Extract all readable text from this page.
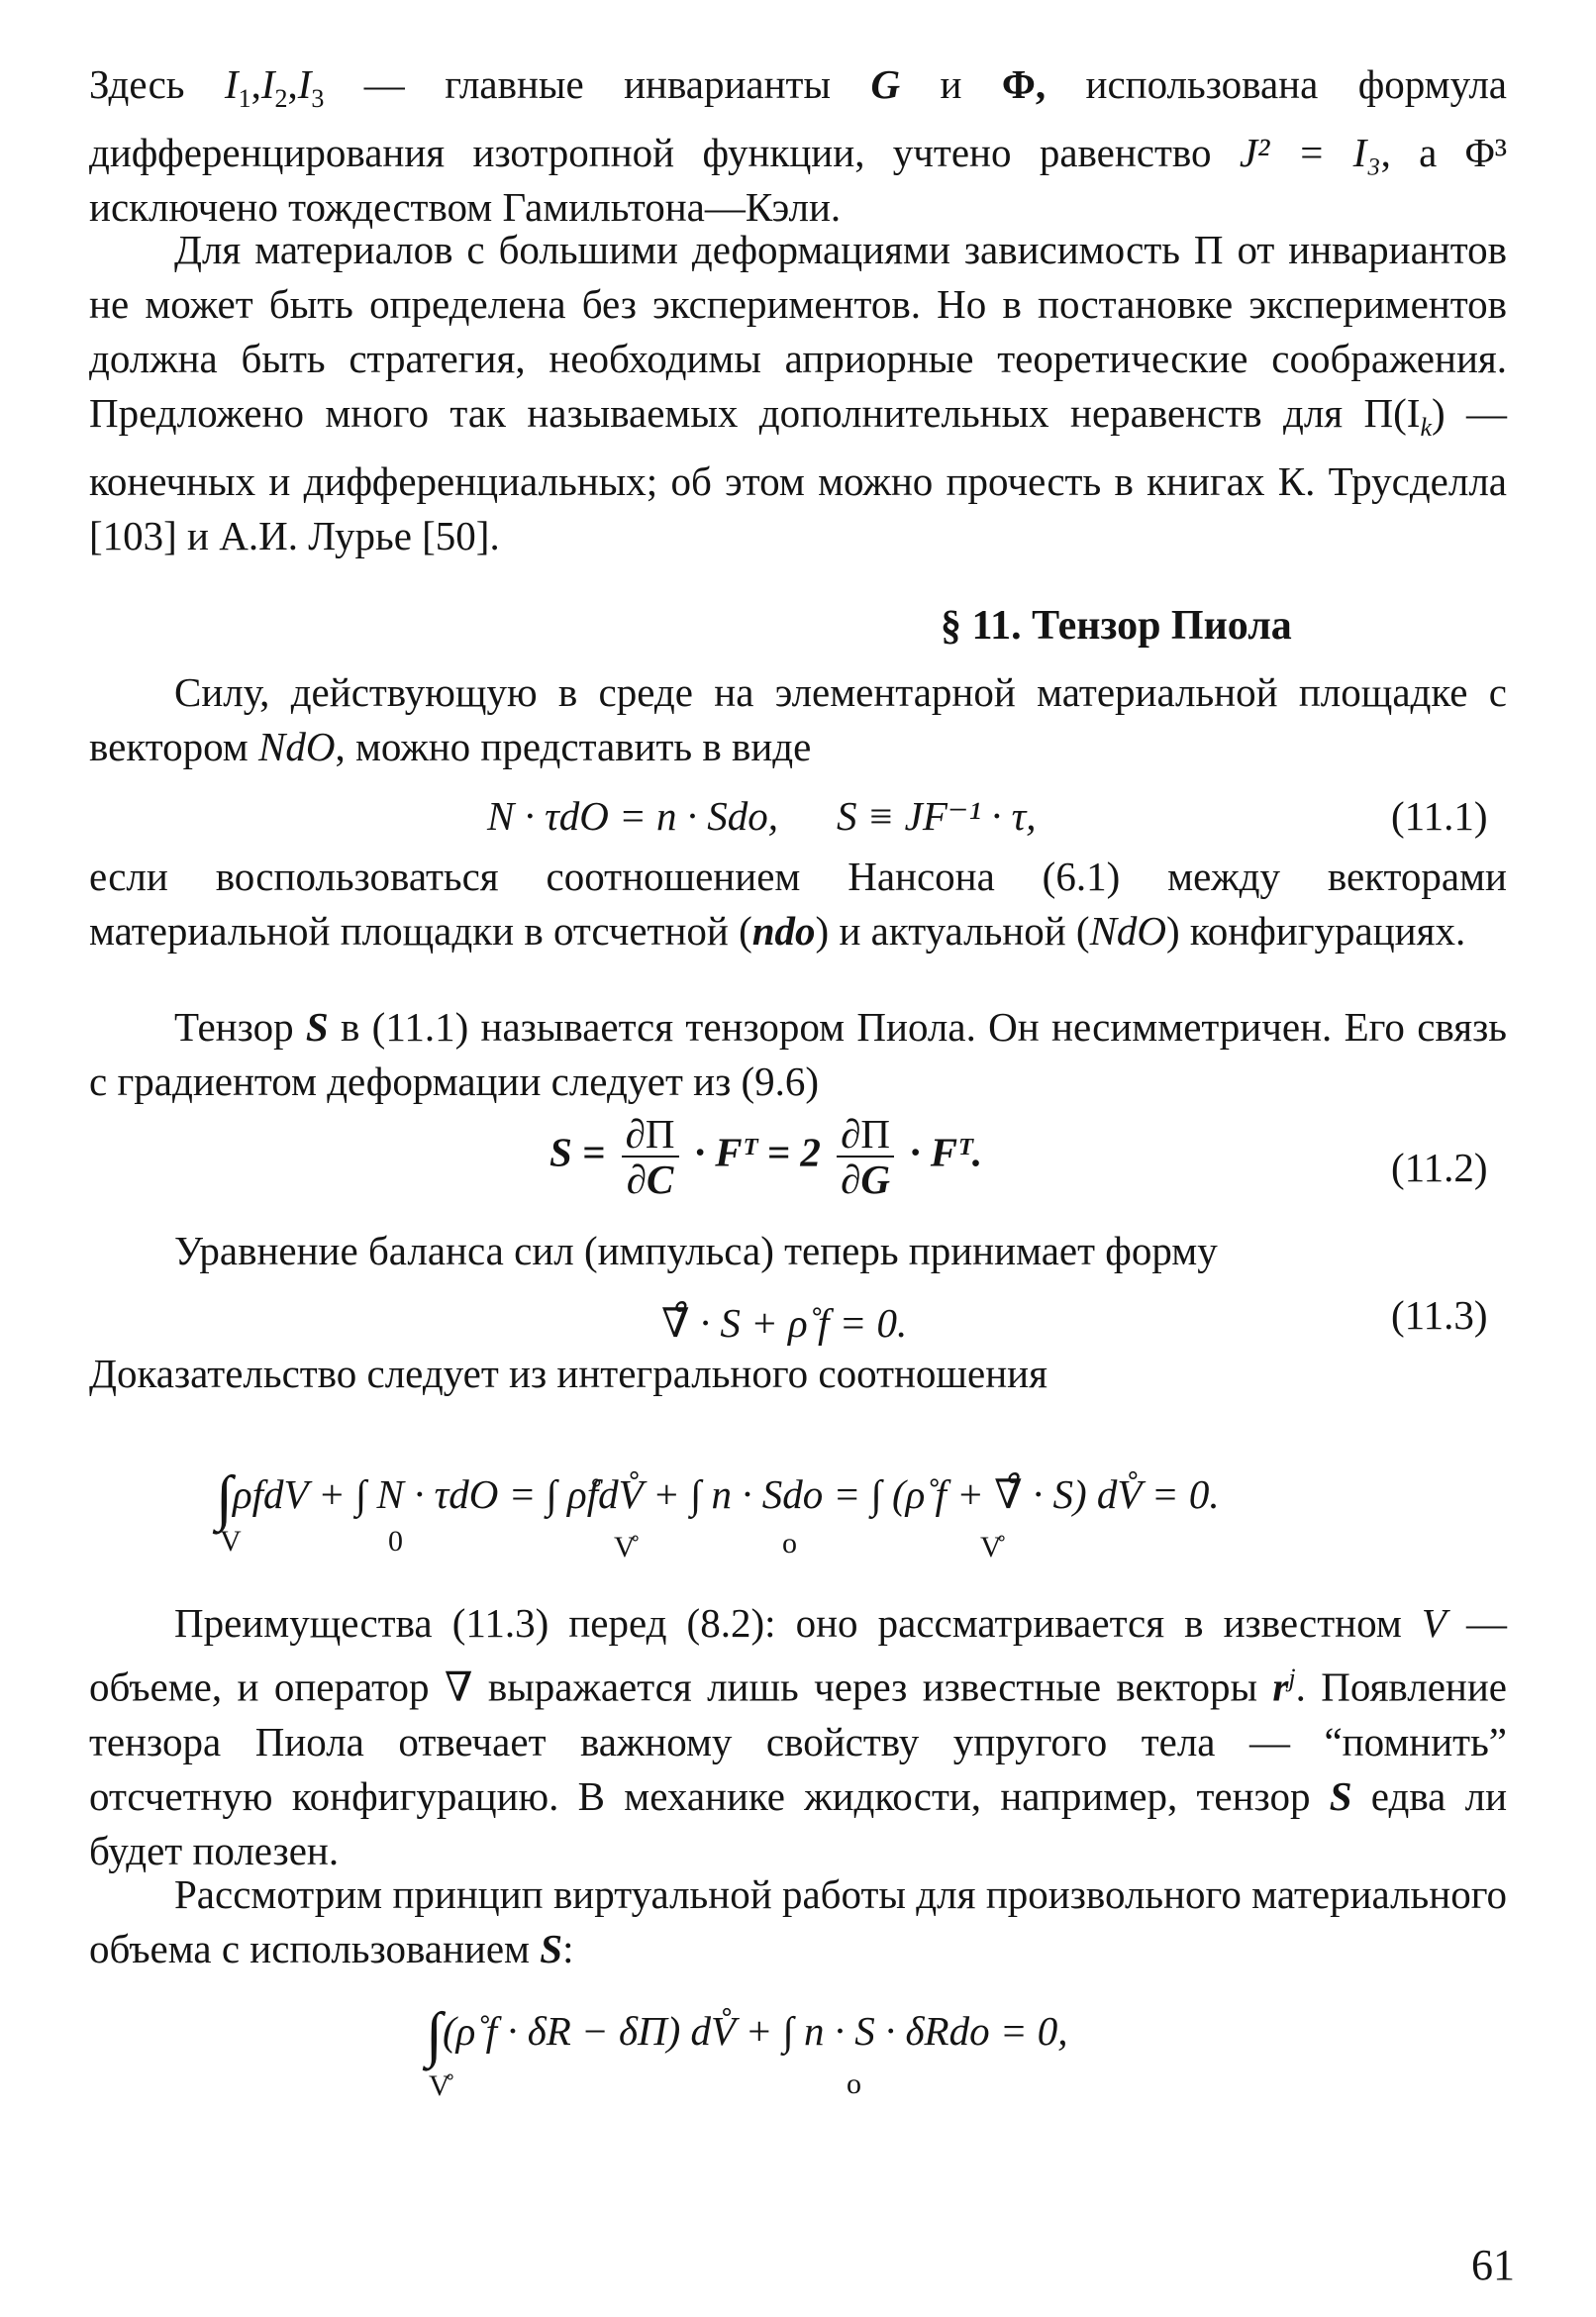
Здесь $I_1,I_2,I_3$ — главные инварианты G и Φ, использована формула дифференцирования изотропной функции, учтено равенство J² = I₃, а Φ³ исключено тождеством Гамильтона—Кэли.
Для материалов с большими деформациями зависимость П от инвариантов не может быть определена без экспериментов. Но в постановке экспериментов должна быть стратегия, необходимы априорные теоретические соображения. Предложено много так называемых дополнительных неравенств для $П(I_k)$ — конечных и дифференциальных; об этом можно прочесть в книгах К. Трусделла [103] и А.И. Лурье [50].
§ 11. Тензор Пиола
Силу, действующую в среде на элементарной материальной площадке с вектором NdO, можно представить в виде
N · τdO = n · Sdo, S ≡ JF⁻¹ · τ,	(11.1)
если воспользоваться соотношением Нансона (6.1) между векторами материальной площадки в отсчетной (ndo) и актуальной (NdO) конфигурациях.
Тензор S в (11.1) называется тензором Пиола. Он несимметричен. Его связь с градиентом деформации следует из (9.6)
$S = \frac{\partial П}{\partial C}$ · Fᵀ = $2 \frac{\partial П}{\partial G}$ · Fᵀ.	(11.2)
Уравнение баланса сил (импульса) теперь принимает форму
∇̊ · S + ρ̊ f = 0.	(11.3)
Доказательство следует из интегрального соотношения
∫ρfdV + ∫ N · τdO = ∫ ρ̊fdV̊ + ∫ n · Sdo = ∫ (ρ̊ f + ∇̊ · S) dV̊ = 0.
V	0	V̊	o	V̊
Преимущества (11.3) перед (8.2): оно рассматривается в известном V — объеме, и оператор ∇ выражается лишь через известные векторы $r^j$. Появление тензора Пиола отвечает важному свойству упругого тела — “помнить” отсчетную конфигурацию. В механике жидкости, например, тензор S едва ли будет полезен.
Рассмотрим принцип виртуальной работы для произвольного материального объема с использованием S:
∫(ρ̊ f · δR − δП) dV̊ + ∫ n · S · δRdo = 0,
V̊	o
61
